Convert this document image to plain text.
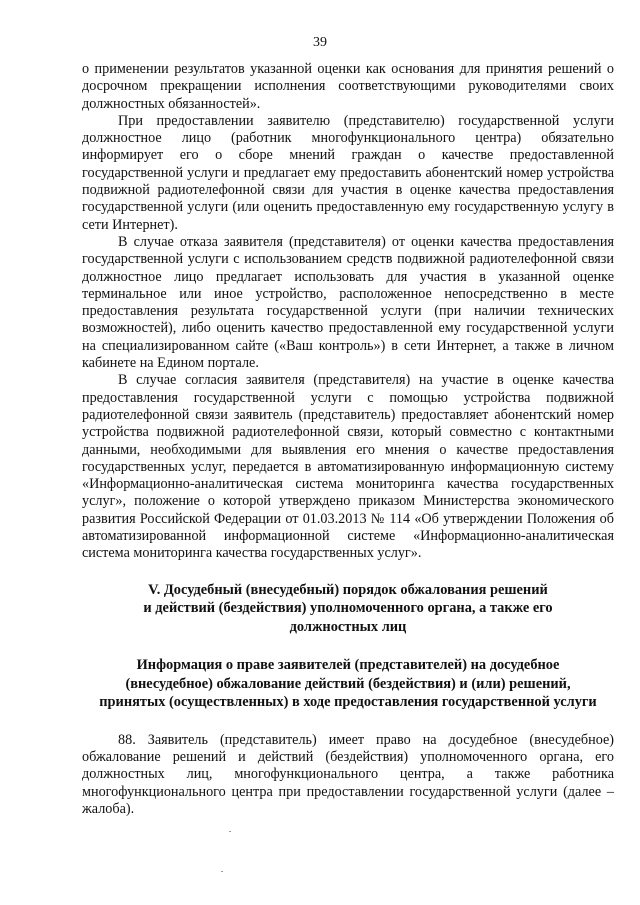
39

о применении результатов указанной оценки как основания для принятия решений о досрочном прекращении исполнения соответствующими руководителями своих должностных обязанностей».

При предоставлении заявителю (представителю) государственной услуги должностное лицо (работник многофункционального центра) обязательно информирует его о сборе мнений граждан о качестве предоставленной государственной услуги и предлагает ему предоставить абонентский номер устройства подвижной радиотелефонной связи для участия в оценке качества предоставления государственной услуги (или оценить предоставленную ему государственную услугу в сети Интернет).

В случае отказа заявителя (представителя) от оценки качества предоставления государственной услуги с использованием средств подвижной радиотелефонной связи должностное лицо предлагает использовать для участия в указанной оценке терминальное или иное устройство, расположенное непосредственно в месте предоставления результата государственной услуги (при наличии технических возможностей), либо оценить качество предоставленной ему государственной услуги на специализированном сайте («Ваш контроль») в сети Интернет, а также в личном кабинете на Едином портале.

В случае согласия заявителя (представителя) на участие в оценке качества предоставления государственной услуги с помощью устройства подвижной радиотелефонной связи заявитель (представитель) предоставляет абонентский номер устройства подвижной радиотелефонной связи, который совместно с контактными данными, необходимыми для выявления его мнения о качестве предоставления государственных услуг, передается в автоматизированную информационную систему «Информационно-аналитическая система мониторинга качества государственных услуг», положение о которой утверждено приказом Министерства экономического развития Российской Федерации от 01.03.2013 № 114 «Об утверждении Положения об автоматизированной информационной системе «Информационно-аналитическая система мониторинга качества государственных услуг».

V. Досудебный (внесудебный) порядок обжалования решений
и действий (бездействия) уполномоченного органа, а также его
должностных лиц
Информация о праве заявителей (представителей) на досудебное
(внесудебное) обжалование действий (бездействия) и (или) решений,
принятых (осуществленных) в ходе предоставления государственной услуги

88. Заявитель (представитель) имеет право на досудебное (внесудебное) обжалование решений и действий (бездействия) уполномоченного органа, его должностных лиц, многофункционального центра, а также работника многофункционального центра при предоставлении государственной услуги (далее – жалоба).
